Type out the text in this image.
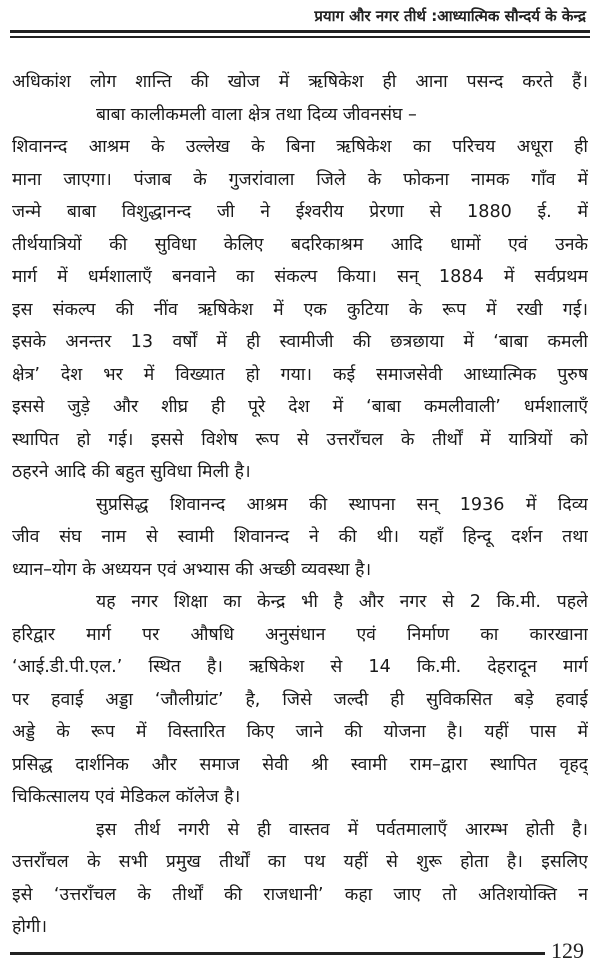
प्रयाग और नगर तीर्थ :आध्यात्मिक सौन्दर्य के केन्द्र
अधिकांश लोग शान्ति की खोज में ऋषिकेश ही आना पसन्द करते हैं।
बाबा कालीकमली वाला क्षेत्र तथा दिव्य जीवनसंघ –
शिवानन्द आश्रम के उल्लेख के बिना ऋषिकेश का परिचय अधूरा ही
माना जाएगा। पंजाब के गुजरांवाला जिले के फोकना नामक गाँव में
जन्मे बाबा विशुद्धानन्द जी ने ईश्वरीय प्रेरणा से 1880 ई. में
तीर्थयात्रियों की सुविधा केलिए बदरिकाश्रम आदि धामों एवं उनके
मार्ग में धर्मशालाएँ बनवाने का संकल्प किया। सन् 1884 में सर्वप्रथम
इस संकल्प की नींव ऋषिकेश में एक कुटिया के रूप में रखी गई।
इसके अनन्तर 13 वर्षों में ही स्वामीजी की छत्रछाया में ‘बाबा कमली
क्षेत्र’ देश भर में विख्यात हो गया। कई समाजसेवी आध्यात्मिक पुरुष
इससे जुड़े और शीघ्र ही पूरे देश में ‘बाबा कमलीवाली’ धर्मशालाएँ
स्थापित हो गई। इससे विशेष रूप से उत्तराँचल के तीर्थों में यात्रियों को
ठहरने आदि की बहुत सुविधा मिली है।
सुप्रसिद्ध शिवानन्द आश्रम की स्थापना सन् 1936 में दिव्य
जीव संघ नाम से स्वामी शिवानन्द ने की थी। यहाँ हिन्दू दर्शन तथा
ध्यान–योग के अध्ययन एवं अभ्यास की अच्छी व्यवस्था है।
यह नगर शिक्षा का केन्द्र भी है और नगर से 2 कि.मी. पहले
हरिद्वार मार्ग पर औषधि अनुसंधान एवं निर्माण का कारखाना
‘आई.डी.पी.एल.’ स्थित है। ऋषिकेश से 14 कि.मी. देहरादून मार्ग
पर हवाई अड्डा ‘जौलीग्रांट’ है, जिसे जल्दी ही सुविकसित बड़े हवाई
अड्डे के रूप में विस्तारित किए जाने की योजना है। यहीं पास में
प्रसिद्ध दार्शनिक और समाज सेवी श्री स्वामी राम–द्वारा स्थापित वृहद्
चिकित्सालय एवं मेडिकल कॉलेज है।
इस तीर्थ नगरी से ही वास्तव में पर्वतमालाएँ आरम्भ होती है।
उत्तराँचल के सभी प्रमुख तीर्थों का पथ यहीं से शुरू होता है। इसलिए
इसे ‘उत्तराँचल के तीर्थों की राजधानी’ कहा जाए तो अतिशयोक्ति न
होगी।
129
